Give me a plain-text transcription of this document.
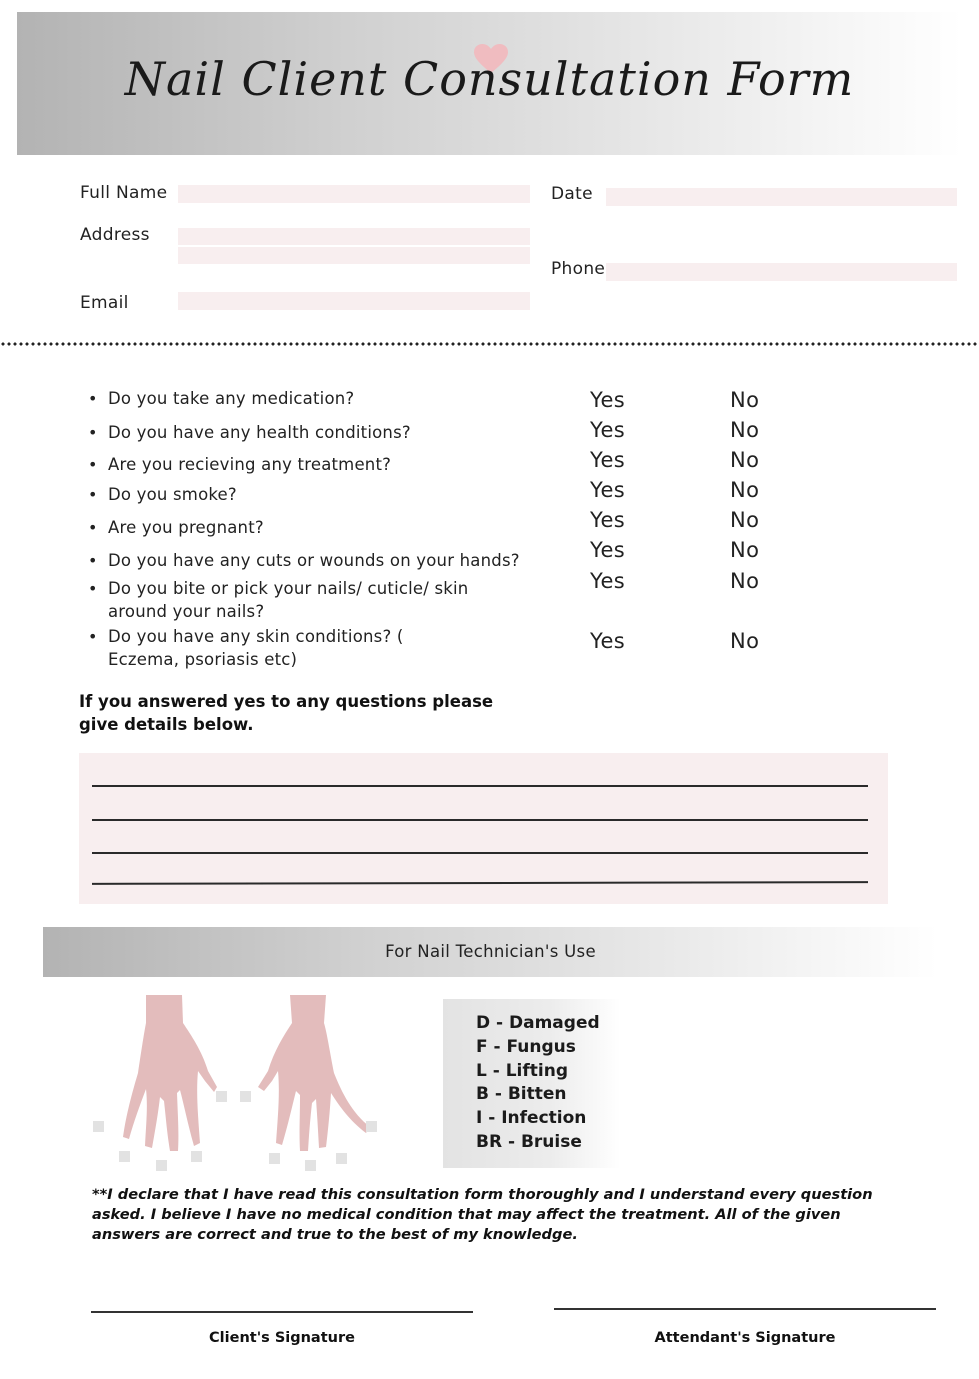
Nail Client Consultation Form
Full Name
Address
Email
Date
Phone
• Do you take any medication?	Yes	No
• Do you have any health conditions?	Yes	No
• Are you recieving any treatment?	Yes	No
• Do you smoke?	Yes	No
• Are you pregnant?	Yes	No
• Do you have any cuts or wounds on your hands?	Yes	No
• Do you bite or pick your nails/ cuticle/ skin around your nails?
Yes	No
• Do you have any skin conditions? ( Eczema, psoriasis etc)
Yes	No
If you answered yes to any questions please give details below.
For Nail Technician's Use
D - Damaged
F - Fungus
L - Lifting
B - Bitten
I - Infection
BR - Bruise
**I declare that I have read this consultation form thoroughly and I understand every question asked. I believe I have no medical condition that may affect the treatment. All of the given answers are correct and true to the best of my knowledge.
Client's Signature	Attendant's Signature
